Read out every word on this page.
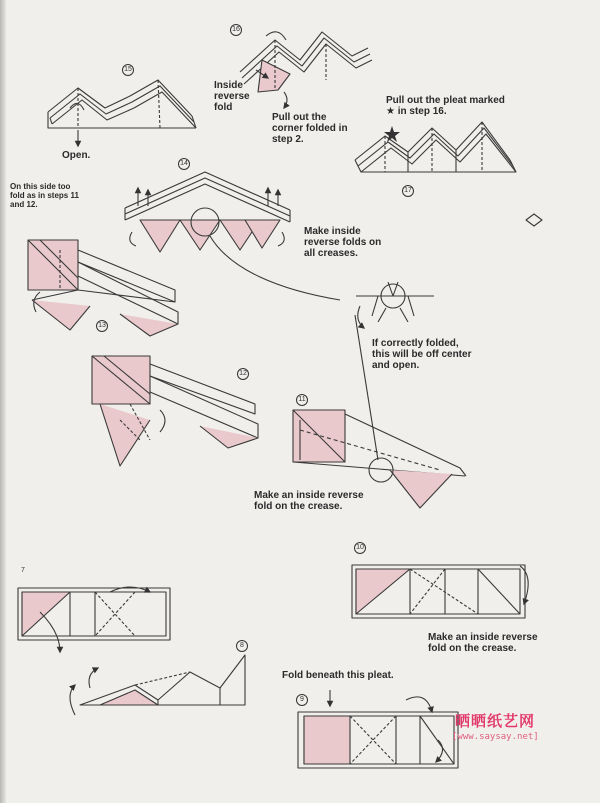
15
16
17
14
13
12
11
10
7
8
9
Open.
Inside
reverse
fold
Pull out the
corner folded in
step 2.
Pull out the pleat marked
★ in step 16.
On this side too
fold as in steps 11
and 12.
Make inside
reverse folds on
all creases.
If correctly folded,
this will be off center
and open.
Make an inside reverse
fold on the crease.
Make an inside reverse
fold on the crease.
Fold beneath this pleat.
晒晒纸艺网
[www.saysay.net]
